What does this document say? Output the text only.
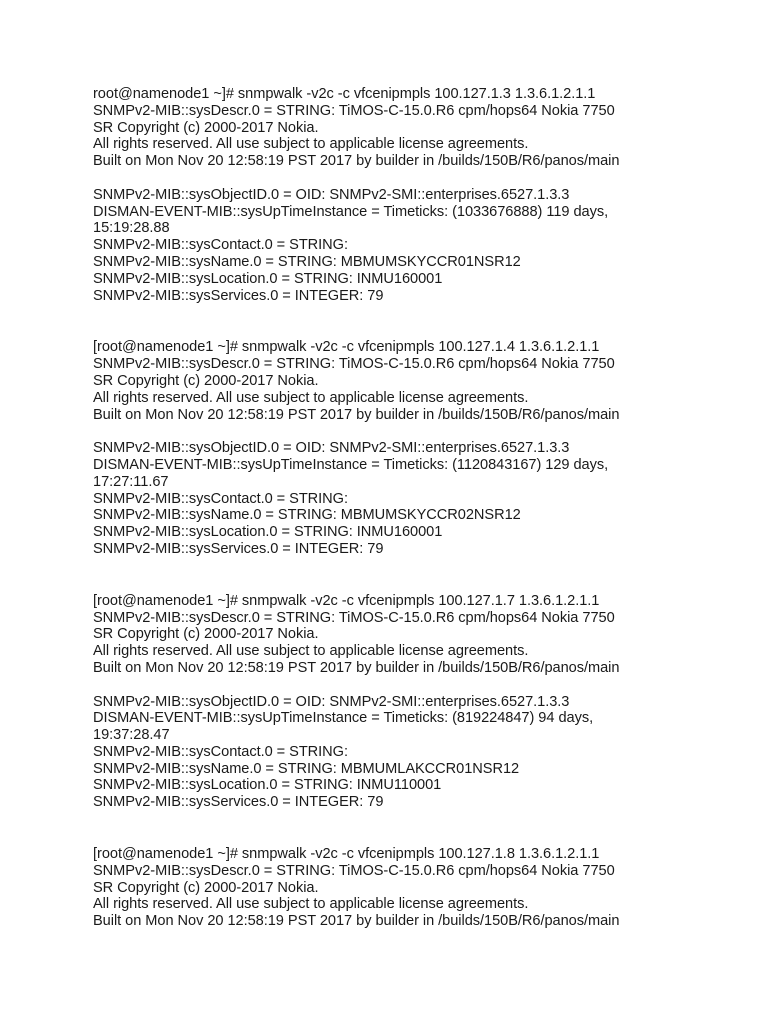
root@namenode1 ~]# snmpwalk -v2c -c vfcenipmpls 100.127.1.3 1.3.6.1.2.1.1
SNMPv2-MIB::sysDescr.0 = STRING: TiMOS-C-15.0.R6 cpm/hops64 Nokia 7750
SR Copyright (c) 2000-2017 Nokia.
All rights reserved. All use subject to applicable license agreements.
Built on Mon Nov 20 12:58:19 PST 2017 by builder in /builds/150B/R6/panos/main
SNMPv2-MIB::sysObjectID.0 = OID: SNMPv2-SMI::enterprises.6527.1.3.3
DISMAN-EVENT-MIB::sysUpTimeInstance = Timeticks: (1033676888) 119 days,
15:19:28.88
SNMPv2-MIB::sysContact.0 = STRING:
SNMPv2-MIB::sysName.0 = STRING: MBMUMSKYCCR01NSR12
SNMPv2-MIB::sysLocation.0 = STRING: INMU160001
SNMPv2-MIB::sysServices.0 = INTEGER: 79
[root@namenode1 ~]# snmpwalk -v2c -c vfcenipmpls 100.127.1.4 1.3.6.1.2.1.1
SNMPv2-MIB::sysDescr.0 = STRING: TiMOS-C-15.0.R6 cpm/hops64 Nokia 7750
SR Copyright (c) 2000-2017 Nokia.
All rights reserved. All use subject to applicable license agreements.
Built on Mon Nov 20 12:58:19 PST 2017 by builder in /builds/150B/R6/panos/main
SNMPv2-MIB::sysObjectID.0 = OID: SNMPv2-SMI::enterprises.6527.1.3.3
DISMAN-EVENT-MIB::sysUpTimeInstance = Timeticks: (1120843167) 129 days,
17:27:11.67
SNMPv2-MIB::sysContact.0 = STRING:
SNMPv2-MIB::sysName.0 = STRING: MBMUMSKYCCR02NSR12
SNMPv2-MIB::sysLocation.0 = STRING: INMU160001
SNMPv2-MIB::sysServices.0 = INTEGER: 79
[root@namenode1 ~]# snmpwalk -v2c -c vfcenipmpls 100.127.1.7 1.3.6.1.2.1.1
SNMPv2-MIB::sysDescr.0 = STRING: TiMOS-C-15.0.R6 cpm/hops64 Nokia 7750
SR Copyright (c) 2000-2017 Nokia.
All rights reserved. All use subject to applicable license agreements.
Built on Mon Nov 20 12:58:19 PST 2017 by builder in /builds/150B/R6/panos/main
SNMPv2-MIB::sysObjectID.0 = OID: SNMPv2-SMI::enterprises.6527.1.3.3
DISMAN-EVENT-MIB::sysUpTimeInstance = Timeticks: (819224847) 94 days,
19:37:28.47
SNMPv2-MIB::sysContact.0 = STRING:
SNMPv2-MIB::sysName.0 = STRING: MBMUMLAKCCR01NSR12
SNMPv2-MIB::sysLocation.0 = STRING: INMU110001
SNMPv2-MIB::sysServices.0 = INTEGER: 79
[root@namenode1 ~]# snmpwalk -v2c -c vfcenipmpls 100.127.1.8 1.3.6.1.2.1.1
SNMPv2-MIB::sysDescr.0 = STRING: TiMOS-C-15.0.R6 cpm/hops64 Nokia 7750
SR Copyright (c) 2000-2017 Nokia.
All rights reserved. All use subject to applicable license agreements.
Built on Mon Nov 20 12:58:19 PST 2017 by builder in /builds/150B/R6/panos/main
